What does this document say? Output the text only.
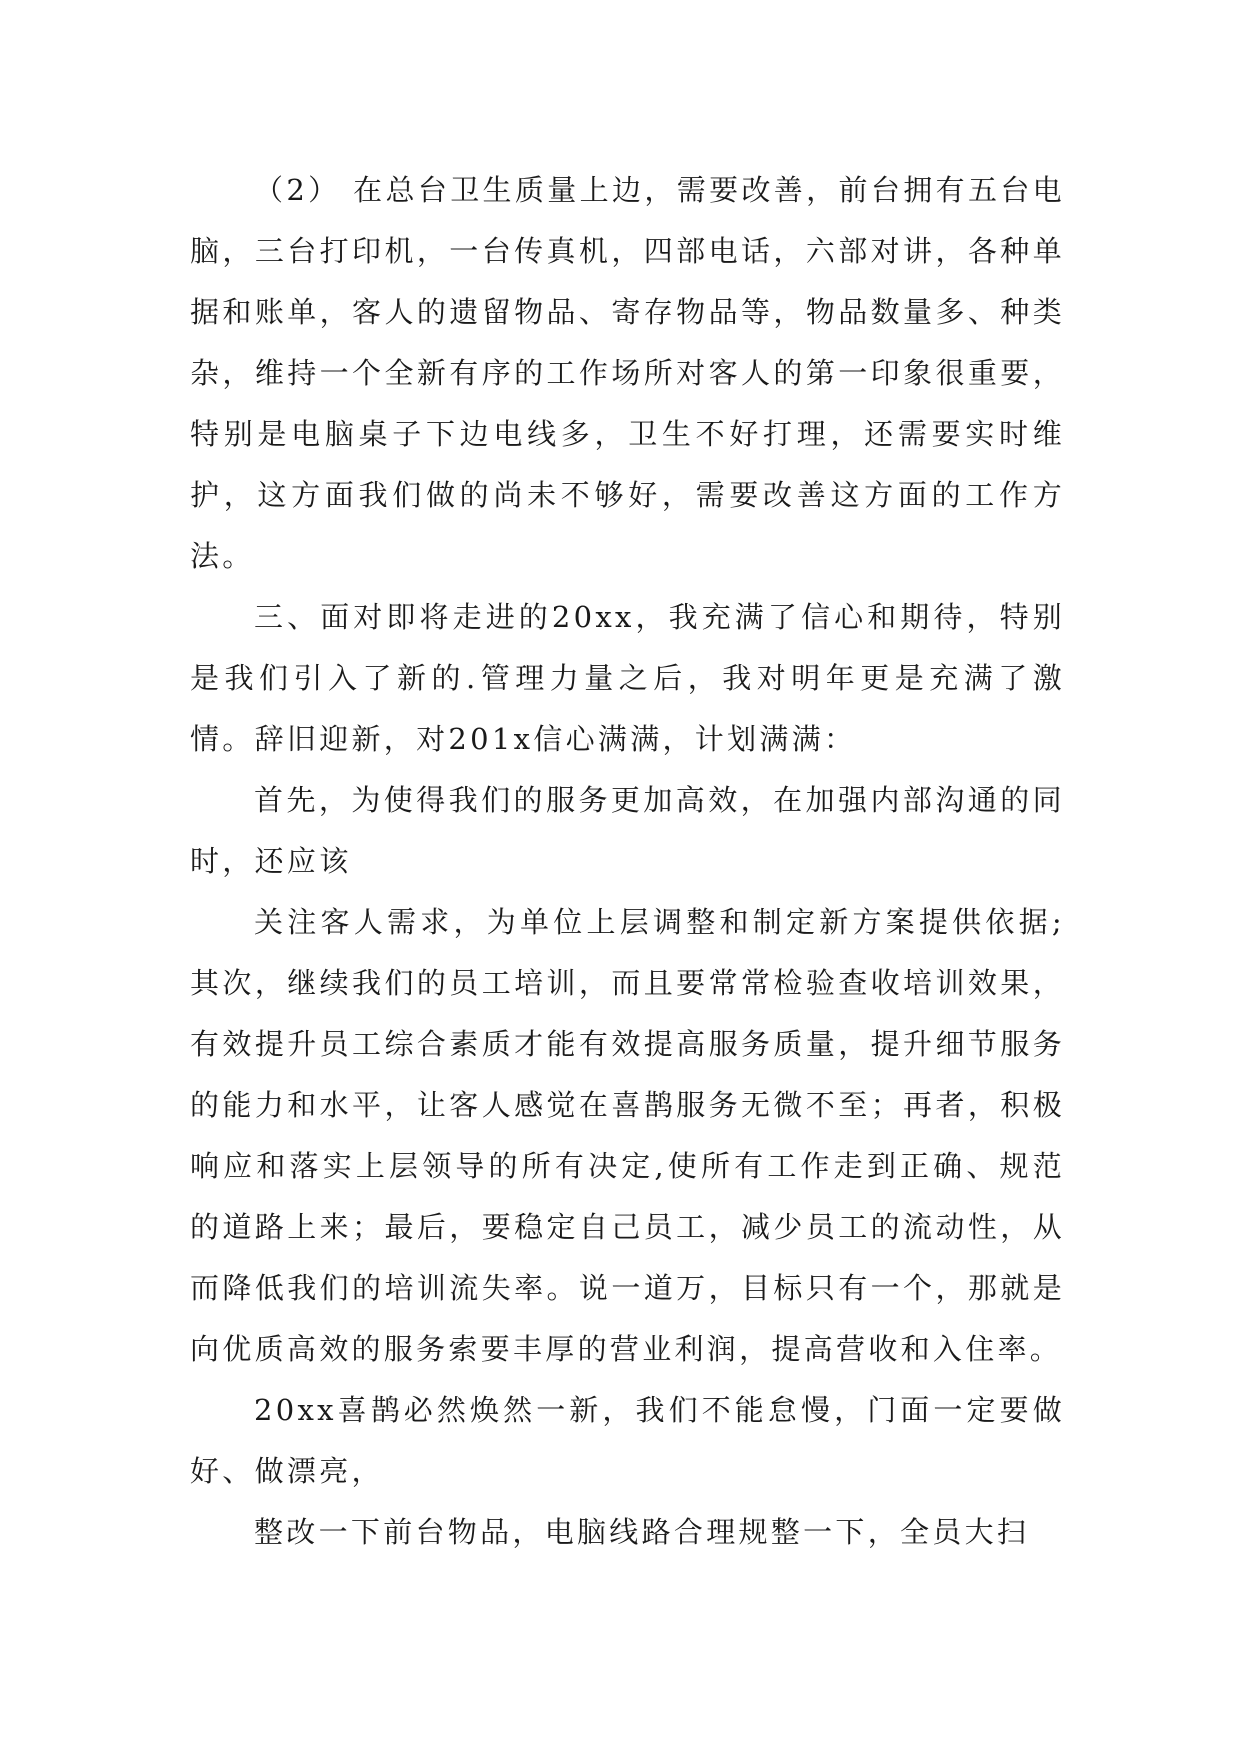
（2） 在总台卫生质量上边，需要改善，前台拥有五台电脑，三台打印机，一台传真机，四部电话，六部对讲，各种单据和账单，客人的遗留物品、寄存物品等，物品数量多、种类杂，维持一个全新有序的工作场所对客人的第一印象很重要，特别是电脑桌子下边电线多，卫生不好打理，还需要实时维护，这方面我们做的尚未不够好，需要改善这方面的工作方法。

三、面对即将走进的20xx，我充满了信心和期待，特别是我们引入了新的.管理力量之后，我对明年更是充满了激情。辞旧迎新，对201x信心满满，计划满满：

首先，为使得我们的服务更加高效，在加强内部沟通的同时，还应该

关注客人需求，为单位上层调整和制定新方案提供依据;其次，继续我们的员工培训，而且要常常检验查收培训效果，有效提升员工综合素质才能有效提高服务质量，提升细节服务的能力和水平，让客人感觉在喜鹊服务无微不至；再者，积极响应和落实上层领导的所有决定,使所有工作走到正确、规范的道路上来；最后，要稳定自己员工，减少员工的流动性，从而降低我们的培训流失率。说一道万，目标只有一个，那就是向优质高效的服务索要丰厚的营业利润，提高营收和入住率。

20xx喜鹊必然焕然一新，我们不能怠慢，门面一定要做好、做漂亮，

整改一下前台物品，电脑线路合理规整一下，全员大扫
